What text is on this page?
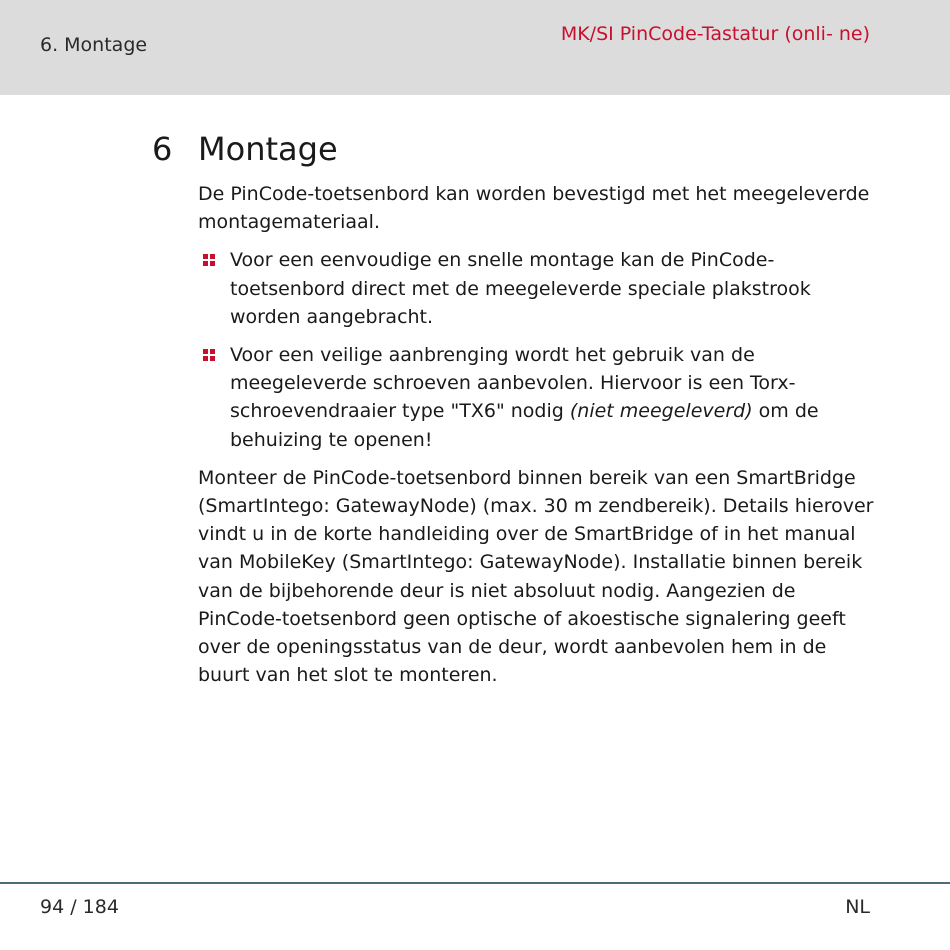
6. Montage	MK/SI PinCode-Tastatur (onli- ne)
6 Montage

De PinCode-toetsenbord kan worden bevestigd met het meegeleverde montagemateriaal.

Voor een eenvoudige en snelle montage kan de PinCode-toetsenbord direct met de meegeleverde speciale plakstrook worden aangebracht.
Voor een veilige aanbrenging wordt het gebruik van de meegeleverde schroeven aanbevolen. Hiervoor is een Torx-schroevendraaier type "TX6" nodig (niet meegeleverd) om de behuizing te openen!

Monteer de PinCode-toetsenbord binnen bereik van een SmartBridge (SmartIntego: GatewayNode) (max. 30 m zendbereik). Details hierover vindt u in de korte handleiding over de SmartBridge of in het manual van MobileKey (SmartIntego: GatewayNode). Installatie binnen bereik van de bijbehorende deur is niet absoluut nodig. Aangezien de PinCode-toetsenbord geen optische of akoestische signalering geeft over de openingsstatus van de deur, wordt aanbevolen hem in de buurt van het slot te monteren.

94 / 184	NL
